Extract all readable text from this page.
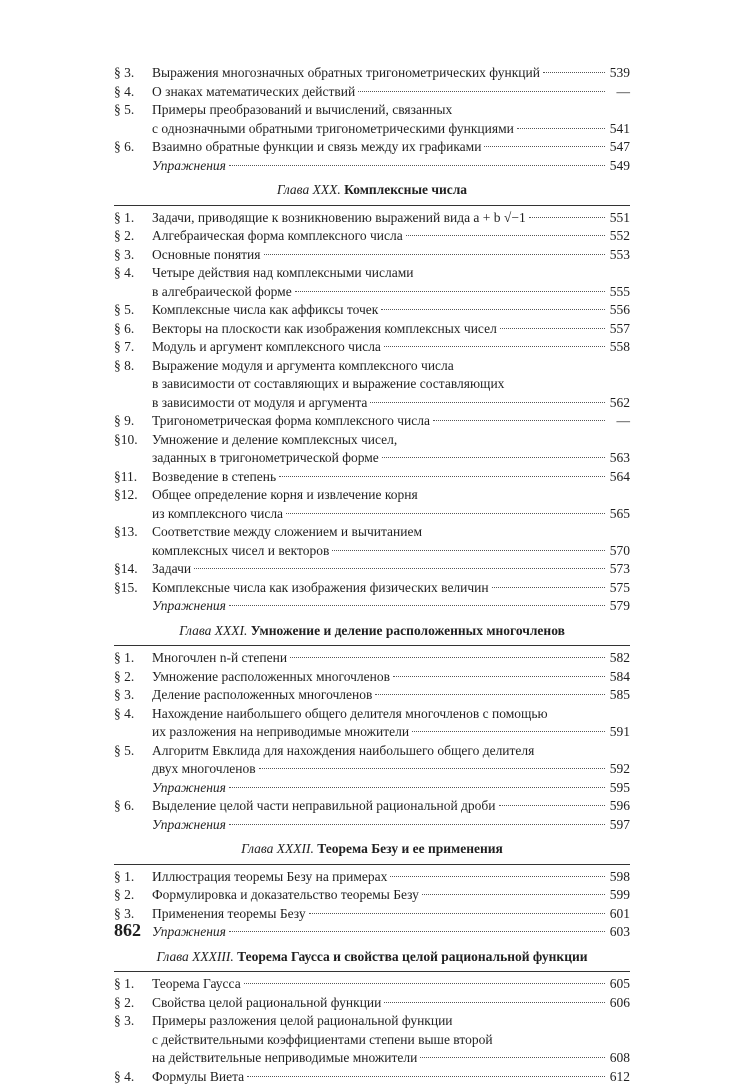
§ 3.	Выражения многозначных обратных тригонометрических функций	539
§ 4.	О знаках математических действий	—
§ 5.	Примеры преобразований и вычислений, связанных
с однозначными обратными тригонометрическими функциями	541
§ 6.	Взаимно обратные функции и связь между их графиками	547
Упражнения	549
Глава XXX. Комплексные числа
§ 1.	Задачи, приводящие к возникновению выражений вида a + b √−1	551
§ 2.	Алгебраическая форма комплексного числа	552
§ 3.	Основные понятия	553
§ 4.	Четыре действия над комплексными числами
в алгебраической форме	555
§ 5.	Комплексные числа как аффиксы точек	556
§ 6.	Векторы на плоскости как изображения комплексных чисел	557
§ 7.	Модуль и аргумент комплексного числа	558
§ 8.	Выражение модуля и аргумента комплексного числа
в зависимости от составляющих и выражение составляющих
в зависимости от модуля и аргумента	562
§ 9.	Тригонометрическая форма комплексного числа	—
§10.	Умножение и деление комплексных чисел,
заданных в тригонометрической форме	563
§11.	Возведение в степень	564
§12.	Общее определение корня и извлечение корня
из комплексного числа	565
§13.	Соответствие между сложением и вычитанием
комплексных чисел и векторов	570
§14.	Задачи	573
§15.	Комплексные числа как изображения физических величин	575
Упражнения	579
Глава XXXI. Умножение и деление расположенных многочленов
§ 1.	Многочлен n-й степени	582
§ 2.	Умножение расположенных многочленов	584
§ 3.	Деление расположенных многочленов	585
§ 4.	Нахождение наибольшего общего делителя многочленов с помощью
их разложения на неприводимые множители	591
§ 5.	Алгоритм Евклида для нахождения наибольшего общего делителя
двух многочленов	592
Упражнения	595
§ 6.	Выделение целой части неправильной рациональной дроби	596
Упражнения	597
Глава XXXII. Теорема Безу и ее применения
§ 1.	Иллюстрация теоремы Безу на примерах	598
§ 2.	Формулировка и доказательство теоремы Безу	599
§ 3.	Применения теоремы Безу	601
Упражнения	603
Глава XXXIII. Теорема Гаусса и свойства целой рациональной функции
§ 1.	Теорема Гаусса	605
§ 2.	Свойства целой рациональной функции	606
§ 3.	Примеры разложения целой рациональной функции
с действительными коэффициентами степени выше второй
на действительные неприводимые множители	608
§ 4.	Формулы Виета	612
862
